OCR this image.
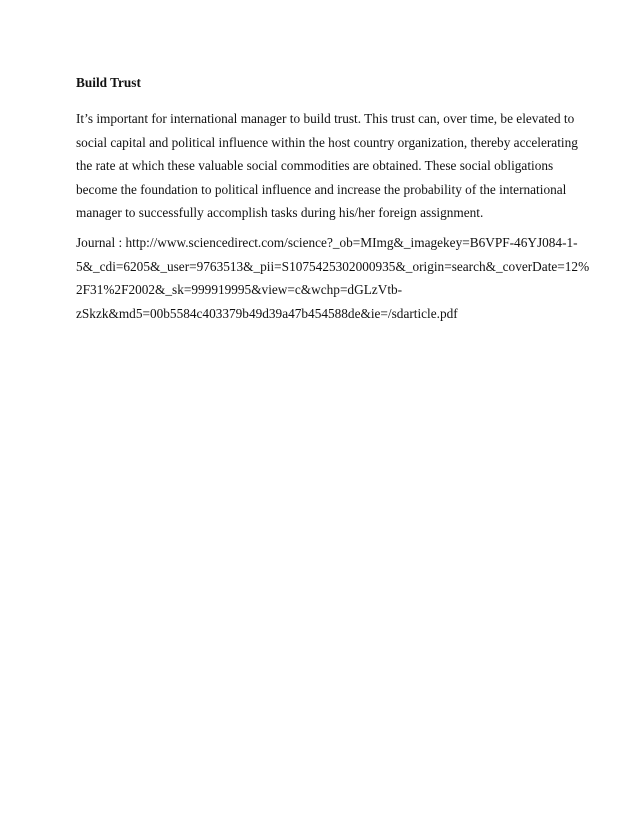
Build Trust
It’s important for international manager to build trust. This trust can, over time, be elevated to
social capital and political influence within the host country organization, thereby accelerating
the rate at which these valuable social commodities are obtained. These social obligations
become the foundation to political influence and increase the probability of the international
manager to successfully accomplish tasks during his/her foreign assignment.
Journal : http://www.sciencedirect.com/science?_ob=MImg&_imagekey=B6VPF-46YJ084-1-
5&_cdi=6205&_user=9763513&_pii=S1075425302000935&_origin=search&_coverDate=12%
2F31%2F2002&_sk=999919995&view=c&wchp=dGLzVtb-
zSkzk&md5=00b5584c403379b49d39a47b454588de&ie=/sdarticle.pdf
